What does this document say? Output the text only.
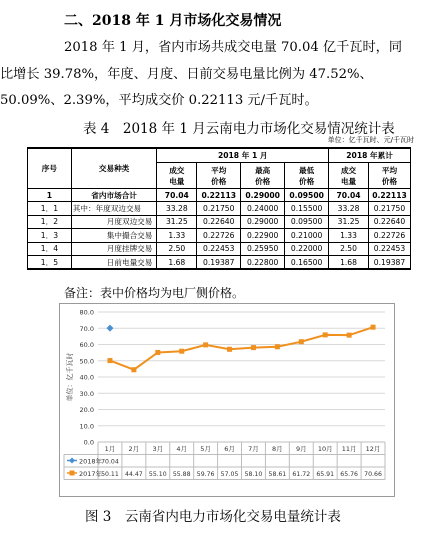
二、2018 年 1 月市场化交易情况
2018 年 1 月，省内市场共成交电量 70.04 亿千瓦时，同
比增长 39.78%，年度、月度、日前交易电量比例为 47.52%、
50.09%、2.39%，平均成交价 0.22113 元/千瓦时。
表 4　2018 年 1 月云南电力市场化交易情况统计表
单位：亿千瓦时、元/千瓦时
序号	交易种类	2018 年 1 月				2018 年累计	
		成交电量	平均价格	最高价格	最低价格	成交电量	平均价格
1	省内市场合计	70.04	0.22113	0.29000	0.09500	70.04	0.22113
1．1	其中：年度双边交易	33.28	0.21750	0.24000	0.15500	33.28	0.21750
1．2	月度双边交易	31.25	0.22640	0.29000	0.09500	31.25	0.22640
1．3	集中撮合交易	1.33	0.22726	0.22900	0.21000	1.33	0.22726
1．4	月度挂牌交易	2.50	0.22453	0.25950	0.22000	2.50	0.22453
1．5	日前电量交易	1.68	0.19387	0.22800	0.16500	1.68	0.19387
备注：表中价格均为电厂侧价格。
0.0
10.0
20.0
30.0
40.0
50.0
60.0
70.0
80.0
单位：亿千瓦时
1月 2月 3月 4月 5月 6月 7月 8月 9月 10月 11月 12月
2018年 70.04
2017年 50.11 44.47 55.10 55.88 59.76 57.05 58.10 58.61 61.72 65.91 65.76 70.66
图 3　云南省内电力市场化交易电量统计表
